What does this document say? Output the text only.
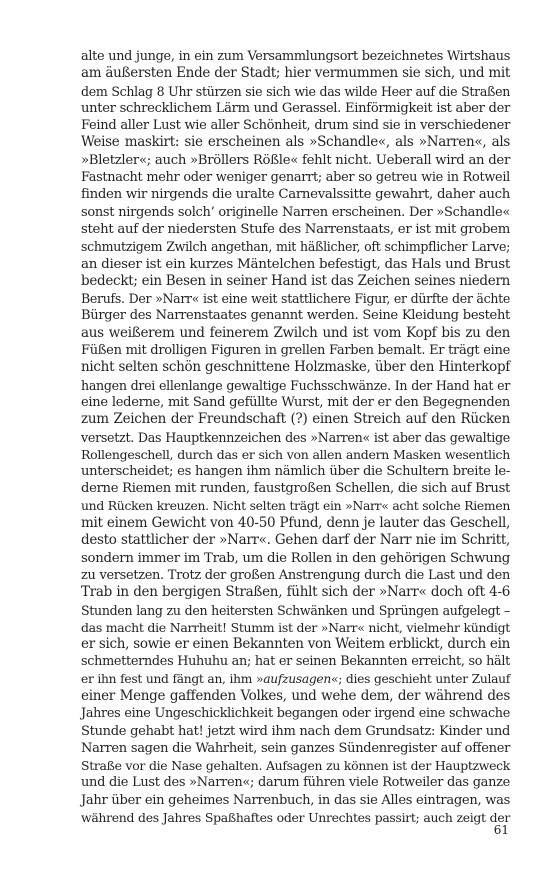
alte und junge, in ein zum Versammlungsort bezeichnetes Wirtshaus
am äußersten Ende der Stadt; hier vermummen sie sich, und mit
dem Schlag 8 Uhr stürzen sie sich wie das wilde Heer auf die Straßen
unter schrecklichem Lärm und Gerassel. Einförmigkeit ist aber der
Feind aller Lust wie aller Schönheit, drum sind sie in verschiedener
Weise maskirt: sie erscheinen als »Schandle«, als »Narren«, als
»Bletzler«; auch »Bröllers Rößle« fehlt nicht. Ueberall wird an der
Fastnacht mehr oder weniger genarrt; aber so getreu wie in Rotweil
finden wir nirgends die uralte Carnevalssitte gewahrt, daher auch
sonst nirgends solch’ originelle Narren erscheinen. Der »Schandle«
steht auf der niedersten Stufe des Narrenstaats, er ist mit grobem
schmutzigem Zwilch angethan, mit häßlicher, oft schimpflicher Larve;
an dieser ist ein kurzes Mäntelchen befestigt, das Hals und Brust
bedeckt; ein Besen in seiner Hand ist das Zeichen seines niedern
Berufs. Der »Narr« ist eine weit stattlichere Figur, er dürfte der ächte
Bürger des Narrenstaates genannt werden. Seine Kleidung besteht
aus weißerem und feinerem Zwilch und ist vom Kopf bis zu den
Füßen mit drolligen Figuren in grellen Farben bemalt. Er trägt eine
nicht selten schön geschnittene Holzmaske, über den Hinterkopf
hangen drei ellenlange gewaltige Fuchsschwänze. In der Hand hat er
eine lederne, mit Sand gefüllte Wurst, mit der er den Begegnenden
zum Zeichen der Freundschaft (?) einen Streich auf den Rücken
versetzt. Das Hauptkennzeichen des »Narren« ist aber das gewaltige
Rollengeschell, durch das er sich von allen andern Masken wesentlich
unterscheidet; es hangen ihm nämlich über die Schultern breite le-
derne Riemen mit runden, faustgroßen Schellen, die sich auf Brust
und Rücken kreuzen. Nicht selten trägt ein »Narr« acht solche Riemen
mit einem Gewicht von 40-50 Pfund, denn je lauter das Geschell,
desto stattlicher der »Narr«. Gehen darf der Narr nie im Schritt,
sondern immer im Trab, um die Rollen in den gehörigen Schwung
zu versetzen. Trotz der großen Anstrengung durch die Last und den
Trab in den bergigen Straßen, fühlt sich der »Narr« doch oft 4-6
Stunden lang zu den heitersten Schwänken und Sprüngen aufgelegt –
das macht die Narrheit! Stumm ist der »Narr« nicht, vielmehr kündigt
er sich, sowie er einen Bekannten von Weitem erblickt, durch ein
schmetterndes Huhuhu an; hat er seinen Bekannten erreicht, so hält
er ihn fest und fängt an, ihm »aufzusagen«; dies geschieht unter Zulauf
einer Menge gaffenden Volkes, und wehe dem, der während des
Jahres eine Ungeschicklichkeit begangen oder irgend eine schwache
Stunde gehabt hat! jetzt wird ihm nach dem Grundsatz: Kinder und
Narren sagen die Wahrheit, sein ganzes Sündenregister auf offener
Straße vor die Nase gehalten. Aufsagen zu können ist der Hauptzweck
und die Lust des »Narren«; darum führen viele Rotweiler das ganze
Jahr über ein geheimes Narrenbuch, in das sie Alles eintragen, was
während des Jahres Spaßhaftes oder Unrechtes passirt; auch zeigt der
61
